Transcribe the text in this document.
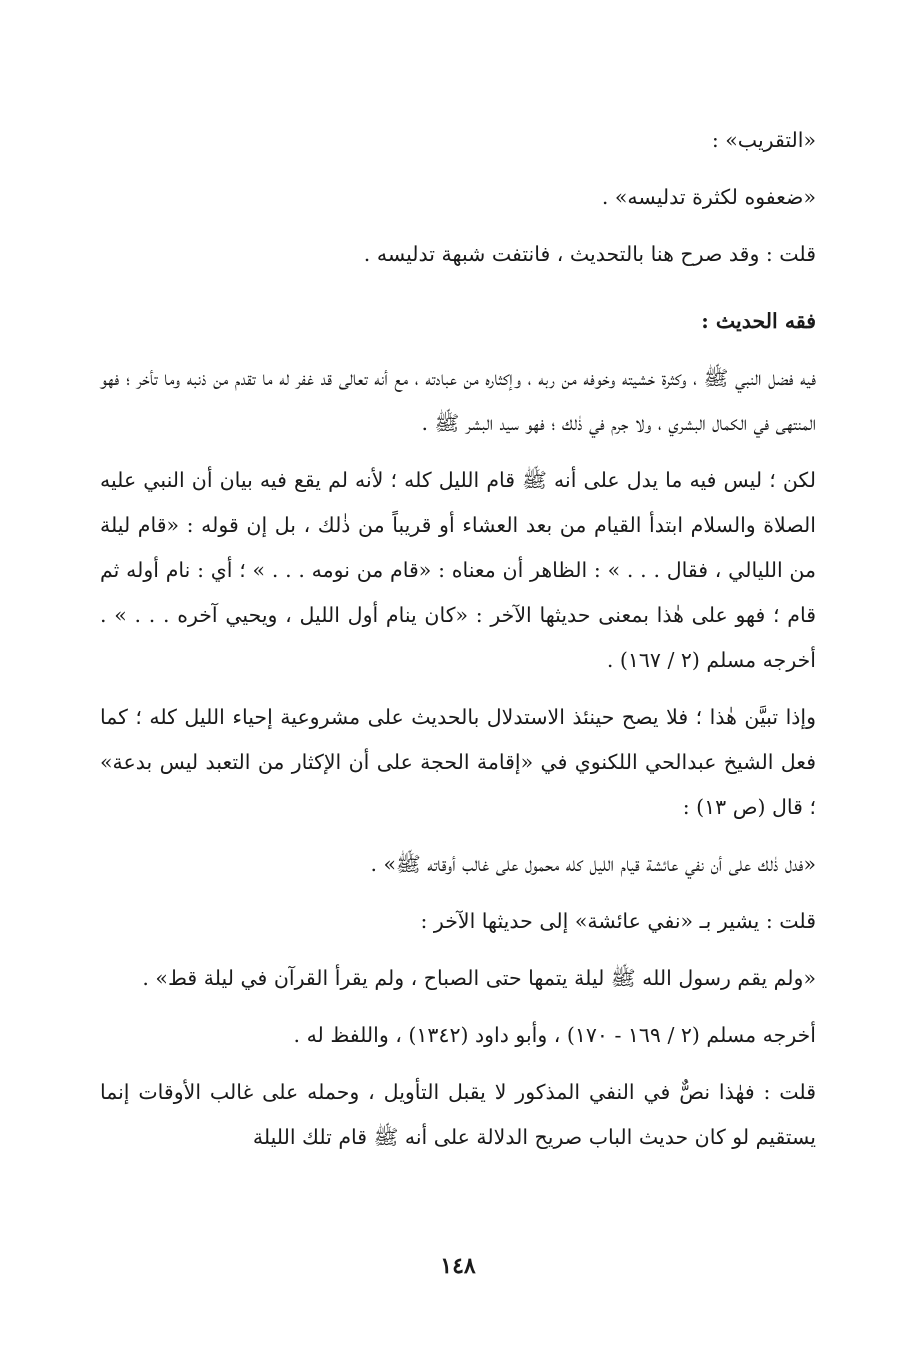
«التقريب» :

«ضعفوه لكثرة تدليسه» .

قلت : وقد صرح هنا بالتحديث ، فانتفت شبهة تدليسه .

فقه الحديث :

فيه فضل النبي ﷺ ، وكثرة خشيته وخوفه من ربه ، وإكثاره من عبادته ، مع أنه تعالى قد غفر له ما تقدم من ذنبه وما تأخر ؛ فهو المنتهى في الكمال البشري ، ولا جرم في ذٰلك ؛ فهو سيد البشر ﷺ .

لكن ؛ ليس فيه ما يدل على أنه ﷺ قام الليل كله ؛ لأنه لم يقع فيه بيان أن النبي عليه الصلاة والسلام ابتدأ القيام من بعد العشاء أو قريباً من ذٰلك ، بل إن قوله : «قام ليلة من الليالي ، فقال . . . » : الظاهر أن معناه : «قام من نومه . . . » ؛ أي : نام أوله ثم قام ؛ فهو على هٰذا بمعنى حديثها الآخر : «كان ينام أول الليل ، ويحيي آخره . . . » . أخرجه مسلم (٢ / ١٦٧) .

وإذا تبيَّن هٰذا ؛ فلا يصح حينئذ الاستدلال بالحديث على مشروعية إحياء الليل كله ؛ كما فعل الشيخ عبدالحي اللكنوي في «إقامة الحجة على أن الإكثار من التعبد ليس بدعة» ؛ قال (ص ١٣) :

«فدل ذٰلك على أن نفي عائشة قيام الليل كله محمول على غالب أوقاته ﷺ» .

قلت : يشير بـ «نفي عائشة» إلى حديثها الآخر :

«ولم يقم رسول الله ﷺ ليلة يتمها حتى الصباح ، ولم يقرأ القرآن في ليلة قط» .

أخرجه مسلم (٢ / ١٦٩ - ١٧٠) ، وأبو داود (١٣٤٢) ، واللفظ له .

قلت : فهٰذا نصٌّ في النفي المذكور لا يقبل التأويل ، وحمله على غالب الأوقات إنما يستقيم لو كان حديث الباب صريح الدلالة على أنه ﷺ قام تلك الليلة

١٤٨
